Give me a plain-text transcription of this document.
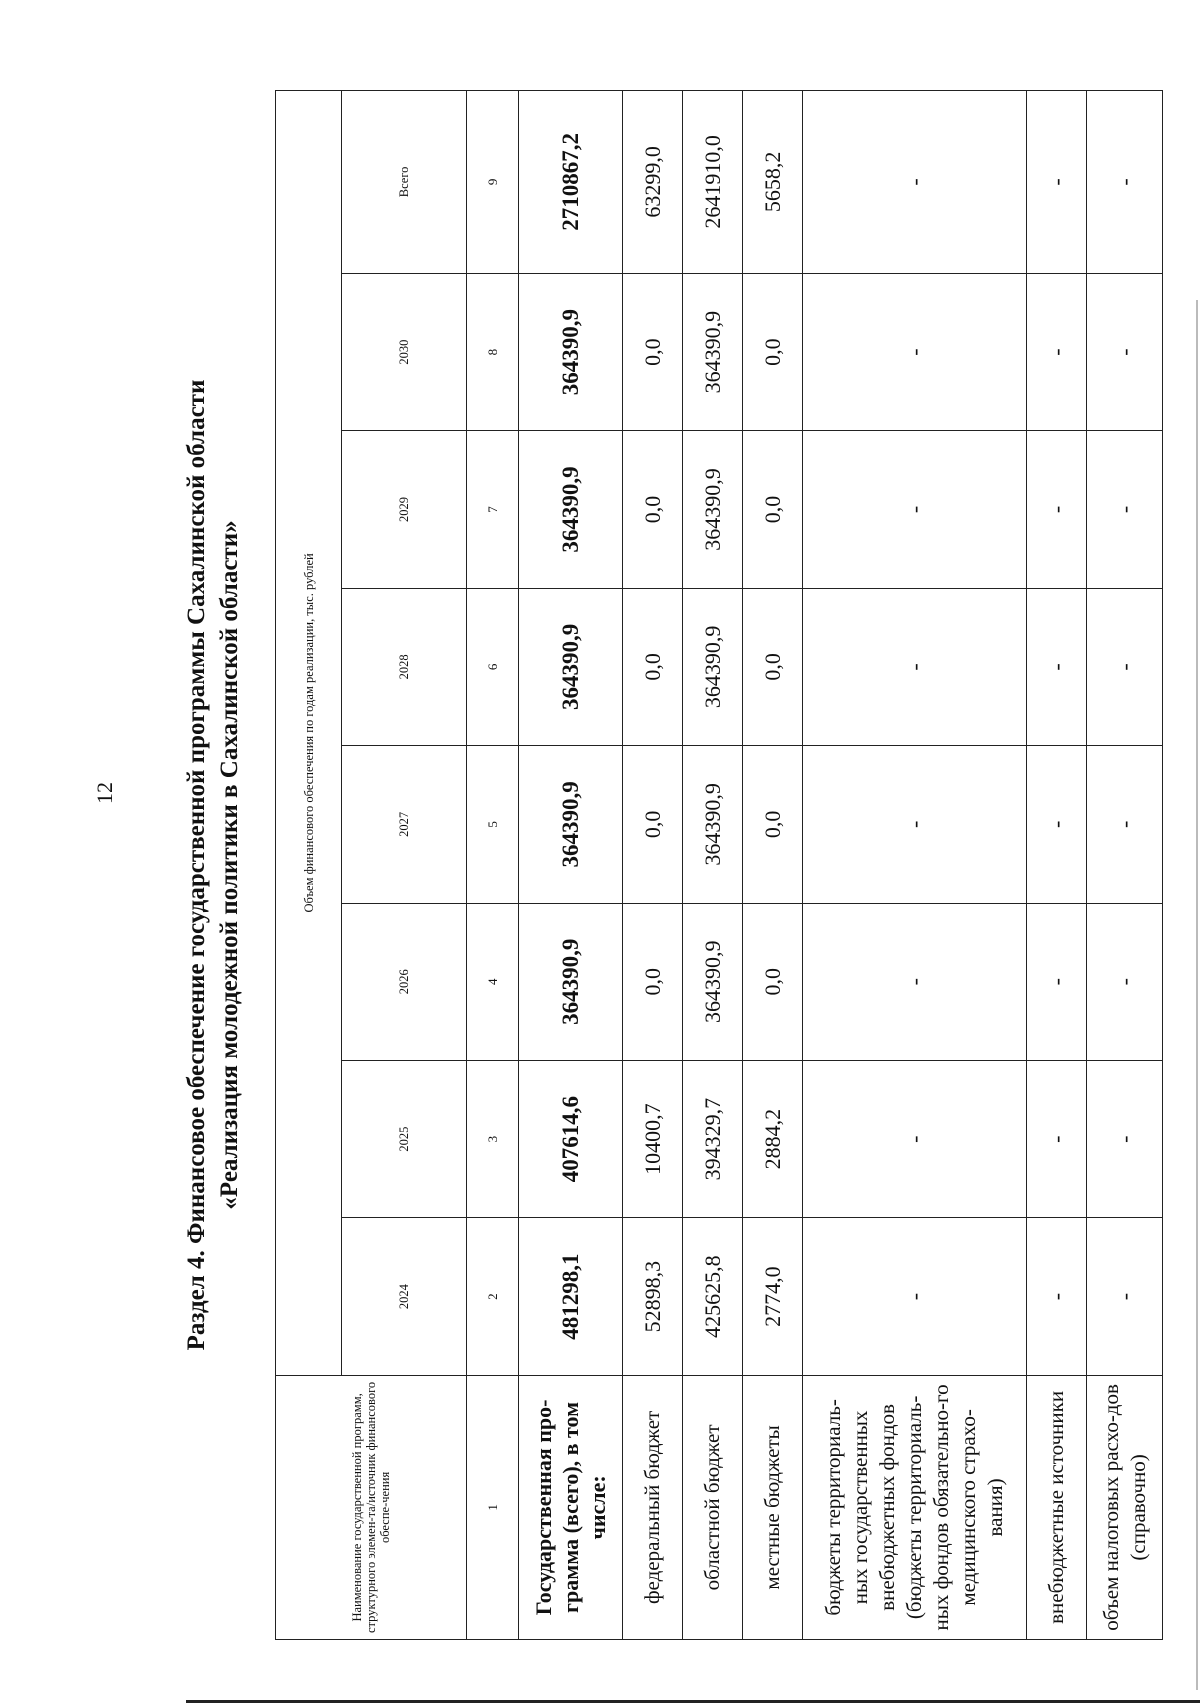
12	Раздел 4. Финансовое обеспечение государственной программы Сахалинской области «Реализация молодежной политики в Сахалинской области»
Наименование государственной программ, структурного элемен-та/источник финансового обеспе-чения	Объем финансового обеспечения по годам реализации, тыс. рублей							
	2024	2025	2026	2027	2028	2029	2030	Всего
1	2	3	4	5	6	7	8	9
Государственная про-грамма (всего), в том числе:	481298,1	407614,6	364390,9	364390,9	364390,9	364390,9	364390,9	2710867,2
федеральный бюджет	52898,3	10400,7	0,0	0,0	0,0	0,0	0,0	63299,0
областной бюджет	425625,8	394329,7	364390,9	364390,9	364390,9	364390,9	364390,9	2641910,0
местные бюджеты	2774,0	2884,2	0,0	0,0	0,0	0,0	0,0	5658,2
бюджеты территориаль-ных государственных внебюджетных фондов (бюджеты территориаль-ных фондов обязательно-го медицинского страхо-вания)	-	-	-	-	-	-	-	-
внебюджетные источники	-	-	-	-	-	-	-	-
объем налоговых расхо-дов (справочно)	-	-	-	-	-	-	-	-
